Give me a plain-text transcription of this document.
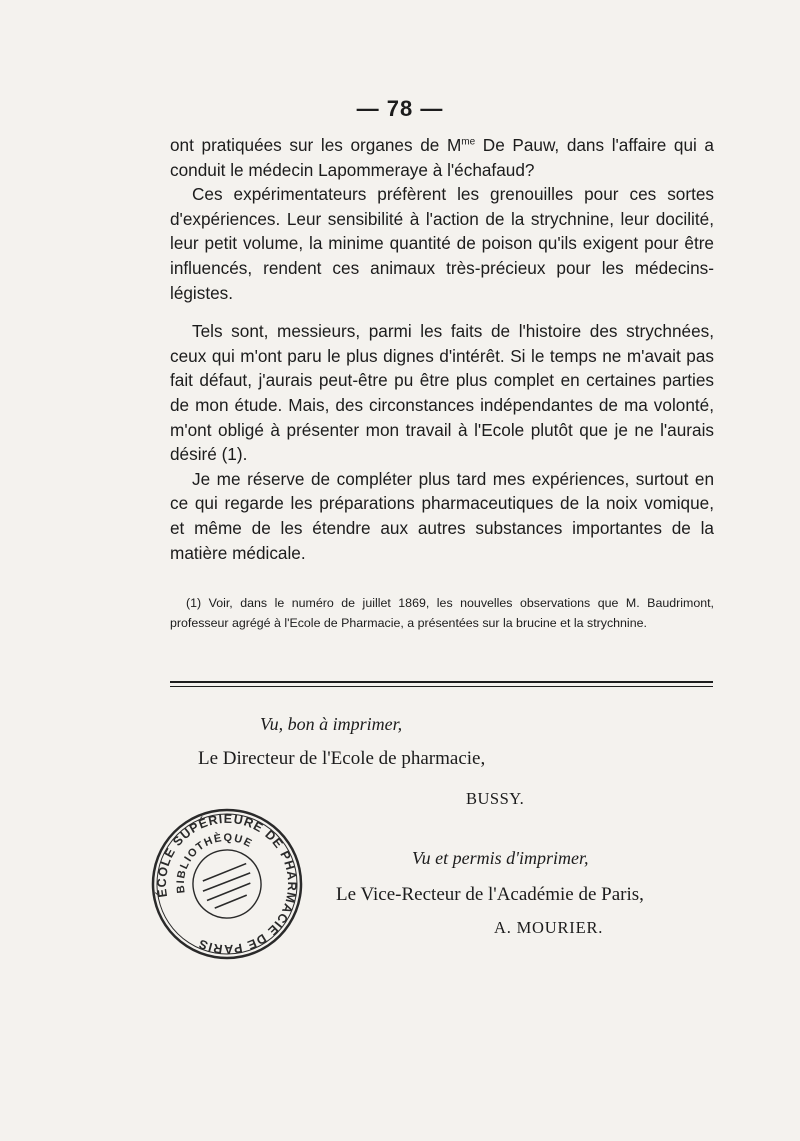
— 78 —

ont pratiquées sur les organes de $M^{me}$ De Pauw, dans l'affaire qui a conduit le médecin Lapommeraye à l'échafaud?

Ces expérimentateurs préfèrent les grenouilles pour ces sortes d'expériences. Leur sensibilité à l'action de la strychnine, leur docilité, leur petit volume, la minime quantité de poison qu'ils exigent pour être influencés, rendent ces animaux très-précieux pour les médecins-légistes.

Tels sont, messieurs, parmi les faits de l'histoire des strychnées, ceux qui m'ont paru le plus dignes d'intérêt. Si le temps ne m'avait pas fait défaut, j'aurais peut-être pu être plus complet en certaines parties de mon étude. Mais, des circonstances indépendantes de ma volonté, m'ont obligé à présenter mon travail à l'Ecole plutôt que je ne l'aurais désiré (1).

Je me réserve de compléter plus tard mes expériences, surtout en ce qui regarde les préparations pharmaceutiques de la noix vomique, et même de les étendre aux autres substances importantes de la matière médicale.

(1) Voir, dans le numéro de juillet 1869, les nouvelles observations que M. Baudrimont, professeur agrégé à l'Ecole de Pharmacie, a présentées sur la brucine et la strychnine.

Vu, bon à imprimer,
Le Directeur de l'Ecole de pharmacie,
BUSSY.
Vu et permis d'imprimer,
Le Vice-Recteur de l'Académie de Paris,
A. MOURIER.
ÉCOLE SUPÉRIEURE DE PHARMACIE DE PARIS
BIBLIOTHÈQUE
